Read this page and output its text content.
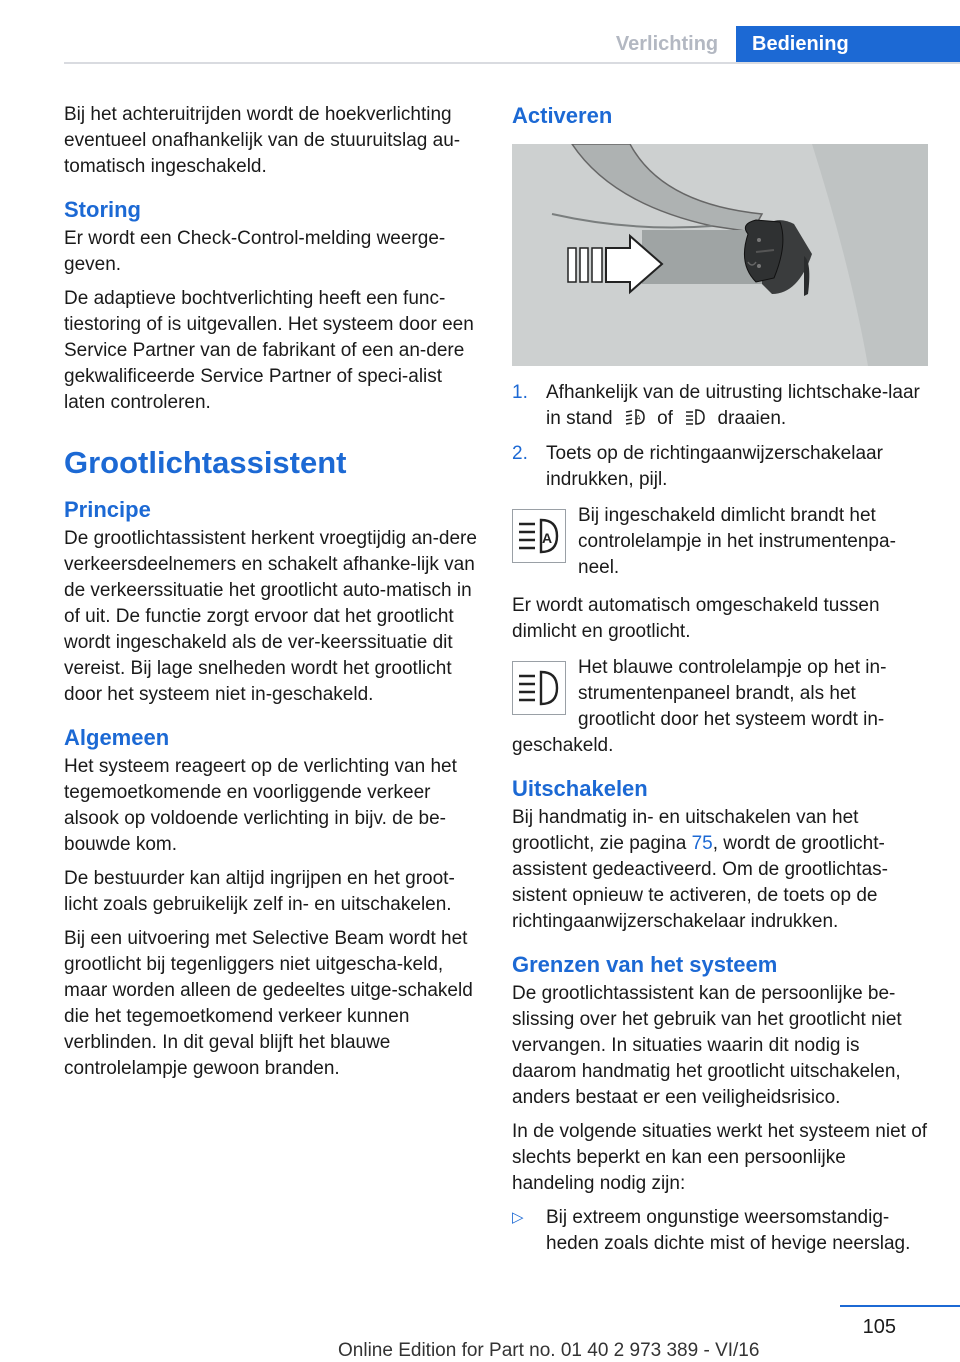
Verlichting	Bediening

Bij het achteruitrijden wordt de hoekverlichting eventueel onafhankelijk van de stuuruitslag au-tomatisch ingeschakeld.

Storing

Er wordt een Check-Control-melding weerge-geven.

De adaptieve bochtverlichting heeft een func-tiestoring of is uitgevallen. Het systeem door een Service Partner van de fabrikant of een an-dere gekwalificeerde Service Partner of speci-alist laten controleren.

Grootlichtassistent
Principe

De grootlichtassistent herkent vroegtijdig an-dere verkeersdeelnemers en schakelt afhanke-lijk van de verkeerssituatie het grootlicht auto-matisch in of uit. De functie zorgt ervoor dat het grootlicht wordt ingeschakeld als de ver-keerssituatie dit vereist. Bij lage snelheden wordt het grootlicht door het systeem niet in-geschakeld.

Algemeen

Het systeem reageert op de verlichting van het tegemoetkomende en voorliggende verkeer alsook op voldoende verlichting in bijv. de be-bouwde kom.

De bestuurder kan altijd ingrijpen en het groot-licht zoals gebruikelijk zelf in- en uitschakelen.

Bij een uitvoering met Selective Beam wordt het grootlicht bij tegenliggers niet uitgescha-keld, maar worden alleen de gedeeltes uitge-schakeld die het tegemoetkomend verkeer kunnen verblinden. In dit geval blijft het blauwe controlelampje gewoon branden.

Activeren
1. Afhankelijk van de uitrusting lichtschake-laar in stand	A of draaien.
2. Toets op de richtingaanwijzerschakelaar indrukken, pijl.
A
Bij ingeschakeld dimlicht brandt het controlelampje in het instrumentenpa-neel.

Er wordt automatisch omgeschakeld tussen dimlicht en grootlicht.

Het blauwe controlelampje op het in-strumentenpaneel brandt, als het grootlicht door het systeem wordt in-geschakeld.
Uitschakelen

Bij handmatig in- en uitschakelen van het grootlicht, zie pagina 75, wordt de grootlicht-assistent gedeactiveerd. Om de grootlichtas-sistent opnieuw te activeren, de toets op de richtingaanwijzerschakelaar indrukken.

Grenzen van het systeem

De grootlichtassistent kan de persoonlijke be-slissing over het gebruik van het grootlicht niet vervangen. In situaties waarin dit nodig is daarom handmatig het grootlicht uitschakelen, anders bestaat er een veiligheidsrisico.

In de volgende situaties werkt het systeem niet of slechts beperkt en kan een persoonlijke handeling nodig zijn:

▷ Bij extreem ongunstige weersomstandig-heden zoals dichte mist of hevige neerslag.
105
Online Edition for Part no. 01 40 2 973 389 - VI/16
